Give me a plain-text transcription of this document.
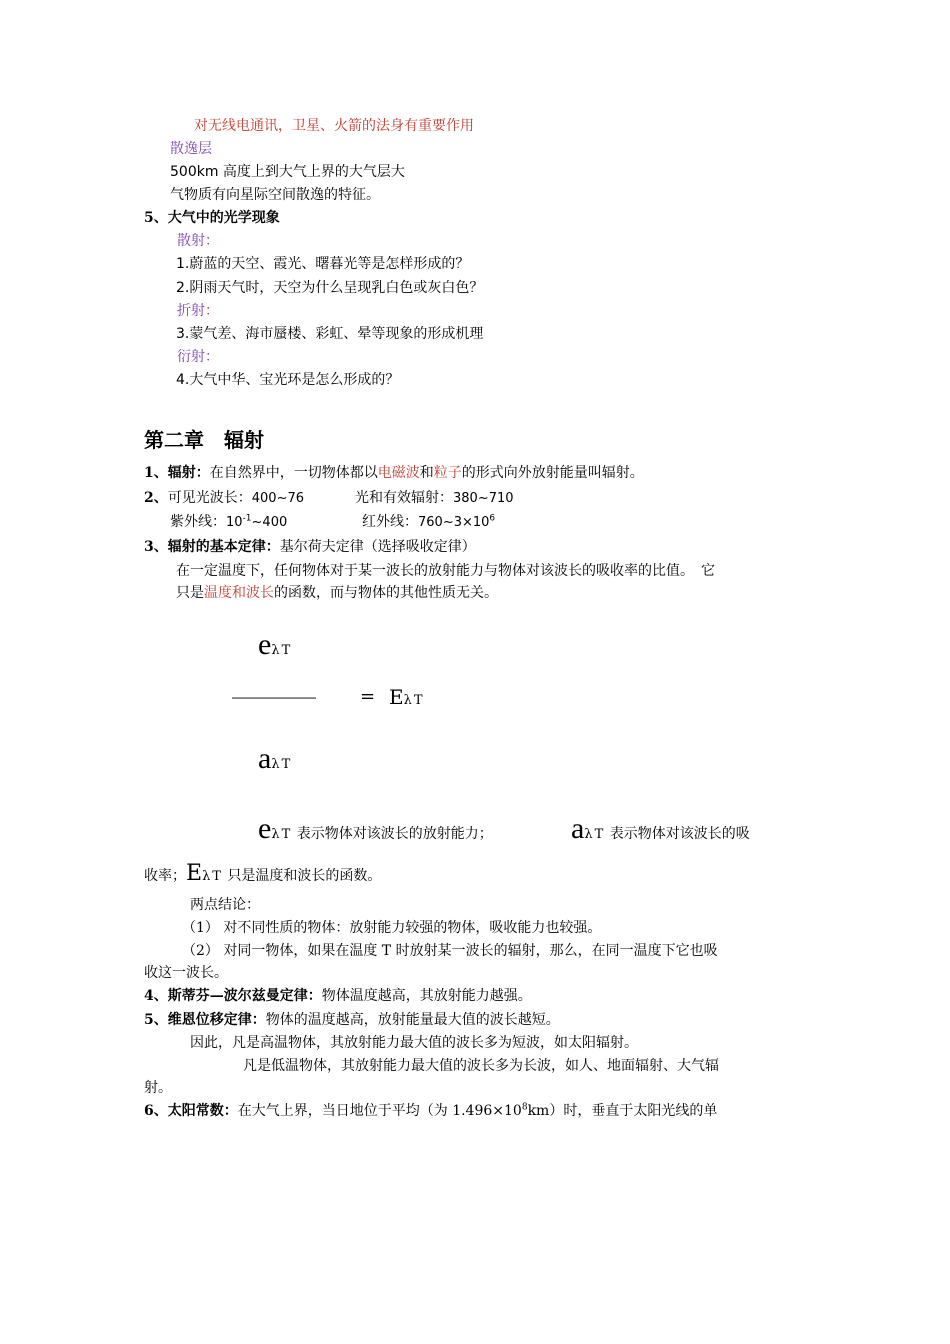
对无线电通讯，卫星、火箭的法身有重要作用
散逸层
500km 高度上到大气上界的大气层大
气物质有向星际空间散逸的特征。
5、大气中的光学现象
散射：
1.蔚蓝的天空、霞光、曙暮光等是怎样形成的？
2.阴雨天气时，天空为什么呈现乳白色或灰白色？
折射：
3.蒙气差、海市蜃楼、彩虹、晕等现象的形成机理
衍射：
4.大气中华、宝光环是怎么形成的？
第二章　辐射
1、辐射：在自然界中，一切物体都以电磁波和粒子的形式向外放射能量叫辐射。
2、可见光波长：400~76	光和有效辐射：380~710
紫外线：$10^{-1}\sim 400$	红外线：$760\sim 3\times 10^6$
3、辐射的基本定律：基尔荷夫定律（选择吸收定律）
在一定温度下，任何物体对于某一波长的放射能力与物体对该波长的吸收率的比值。　它
只是温度和波长的函数，而与物体的其他性质无关。
eλT
―――――― = EλT
aλT
eλT 表示物体对该波长的放射能力；	aλT 表示物体对该波长的吸
收率；EλT 只是温度和波长的函数。
两点结论：
（1） 对不同性质的物体：放射能力较强的物体，吸收能力也较强。
（2） 对同一物体，如果在温度 T 时放射某一波长的辐射，那么，在同一温度下它也吸
收这一波长。
4、斯蒂芬—波尔兹曼定律：物体温度越高，其放射能力越强。
5、维恩位移定律：物体的温度越高，放射能量最大值的波长越短。
因此，凡是高温物体，其放射能力最大值的波长多为短波，如太阳辐射。
凡是低温物体，其放射能力最大值的波长多为长波，如人、地面辐射、大气辐
射。
6、太阳常数：在大气上界，当日地位于平均（为 $1.496\times 10^8km$）时，垂直于太阳光线的单
